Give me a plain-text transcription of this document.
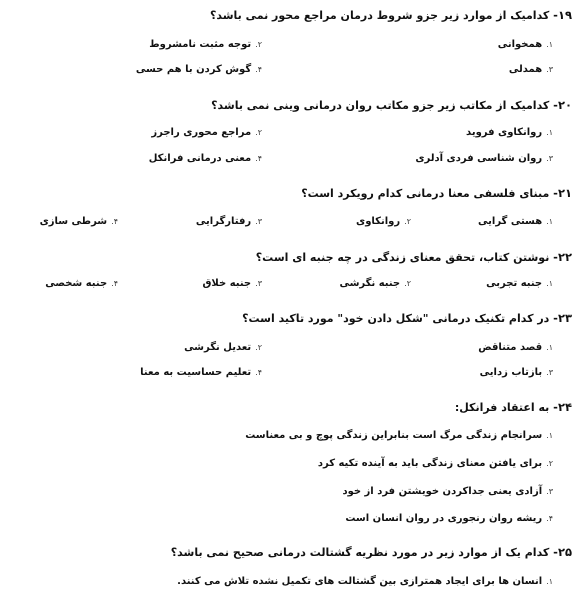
۱۹- کدامیک از موارد زیر جزو شروط درمان مراجع محور نمی باشد؟
۱.همخوانی
۲.توجه مثبت نامشروط
۳.همدلی
۴.گوش کردن با هم حسی
۲۰- کدامیک از مکاتب زیر جزو مکاتب روان درمانی وینی نمی باشد؟
۱.روانکاوی فروید
۲.مراجع محوری راجرز
۳.روان شناسی فردی آدلری
۴.معنی درمانی فرانکل
۲۱- مبنای فلسفی معنا درمانی کدام رویکرد است؟
۱.هستی گرایی
۲.روانکاوی
۳.رفتارگرایی
۴.شرطی سازی
۲۲- نوشتن کتاب، تحقق معنای زندگی در چه جنبه ای است؟
۱.جنبه تجربی
۲.جنبه نگرشی
۳.جنبه خلاق
۴.جنبه شخصی
۲۳- در کدام تکنیک درمانی "شکل دادن خود" مورد تاکید است؟
۱.قصد متناقض
۲.تعدیل نگرشی
۳.بازتاب زدایی
۴.تعلیم حساسیت به معنا
۲۴- به اعتقاد فرانکل:
۱.سرانجام زندگی مرگ است بنابراین زندگی پوچ و بی معناست
۲.برای یافتن معنای زندگی باید به آینده تکیه کرد
۳.آزادی یعنی جداکردن خویشتن فرد از خود
۴.ریشه روان رنجوری در روان انسان است
۲۵- کدام یک از موارد زیر در مورد نظریه گشتالت درمانی صحیح نمی باشد؟
۱.انسان ها برای ایجاد همترازی بین گشتالت های تکمیل نشده تلاش می کنند.
